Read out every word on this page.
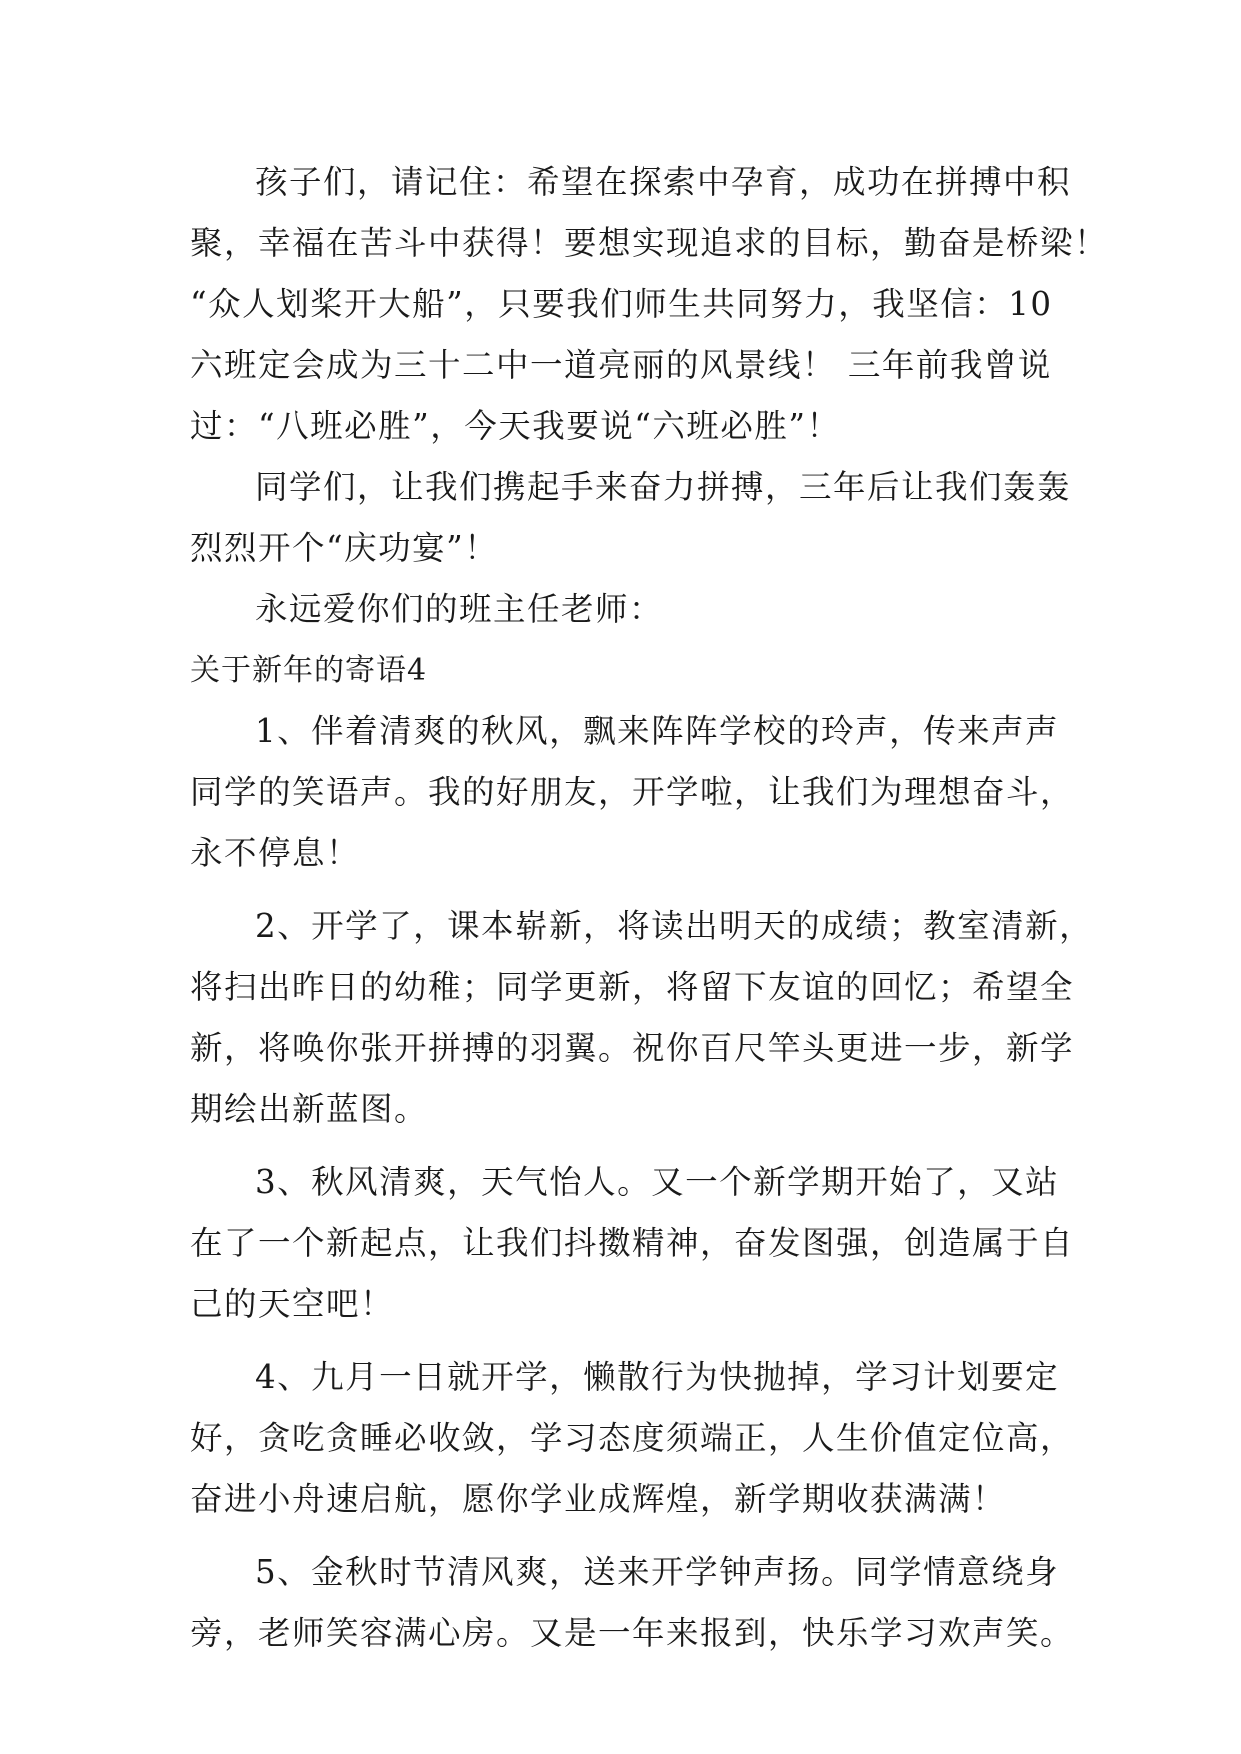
孩子们，请记住：希望在探索中孕育，成功在拼搏中积
聚，幸福在苦斗中获得！要想实现追求的目标，勤奋是桥梁！
“众人划桨开大船”，只要我们师生共同努力，我坚信：10
六班定会成为三十二中一道亮丽的风景线！ 三年前我曾说
过：“八班必胜”，今天我要说“六班必胜”！
同学们，让我们携起手来奋力拼搏，三年后让我们轰轰
烈烈开个“庆功宴”！
永远爱你们的班主任老师：
关于新年的寄语4
1、伴着清爽的秋风，飘来阵阵学校的玲声，传来声声
同学的笑语声。我的好朋友，开学啦，让我们为理想奋斗，
永不停息！
2、开学了，课本崭新，将读出明天的成绩；教室清新，
将扫出昨日的幼稚；同学更新，将留下友谊的回忆；希望全
新，将唤你张开拼搏的羽翼。祝你百尺竿头更进一步，新学
期绘出新蓝图。
3、秋风清爽，天气怡人。又一个新学期开始了，又站
在了一个新起点，让我们抖擞精神，奋发图强，创造属于自
己的天空吧！
4、九月一日就开学，懒散行为快抛掉，学习计划要定
好，贪吃贪睡必收敛，学习态度须端正，人生价值定位高，
奋进小舟速启航，愿你学业成辉煌，新学期收获满满！
5、金秋时节清风爽，送来开学钟声扬。同学情意绕身
旁，老师笑容满心房。又是一年来报到，快乐学习欢声笑。
